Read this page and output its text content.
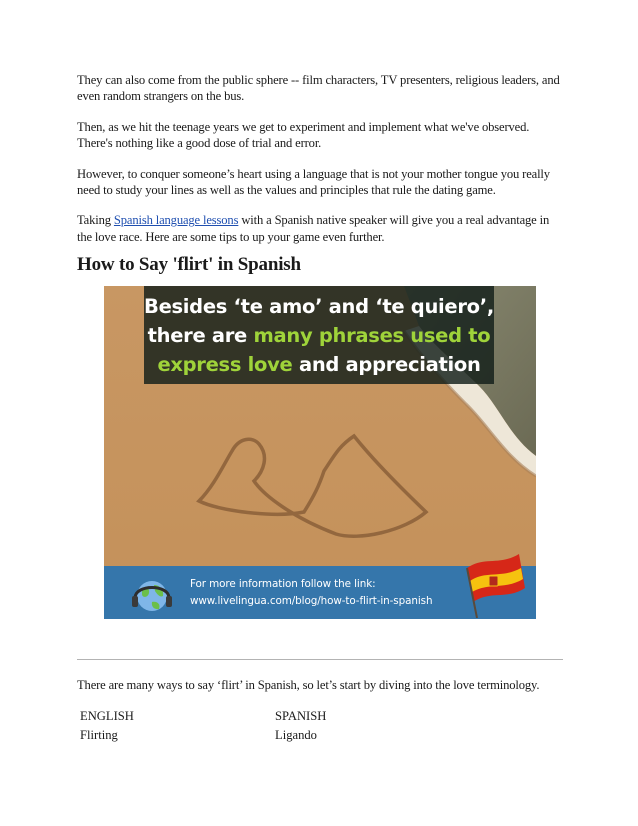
They can also come from the public sphere -- film characters, TV presenters, religious leaders, and even random strangers on the bus.

Then, as we hit the teenage years we get to experiment and implement what we've observed. There's nothing like a good dose of trial and error.

However, to conquer someone’s heart using a language that is not your mother tongue you really need to study your lines as well as the values and principles that rule the dating game.

Taking Spanish language lessons with a Spanish native speaker will give you a real advantage in the love race. Here are some tips to up your game even further.

How to Say 'flirt' in Spanish
Besides ‘te amo’ and ‘te quiero’,
there are many phrases used to
express love and appreciation
For more information follow the link:
www.livelingua.com/blog/how-to-flirt-in-spanish

There are many ways to say ‘flirt’ in Spanish, so let’s start by diving into the love terminology.

ENGLISH	SPANISH
Flirting	Ligando
